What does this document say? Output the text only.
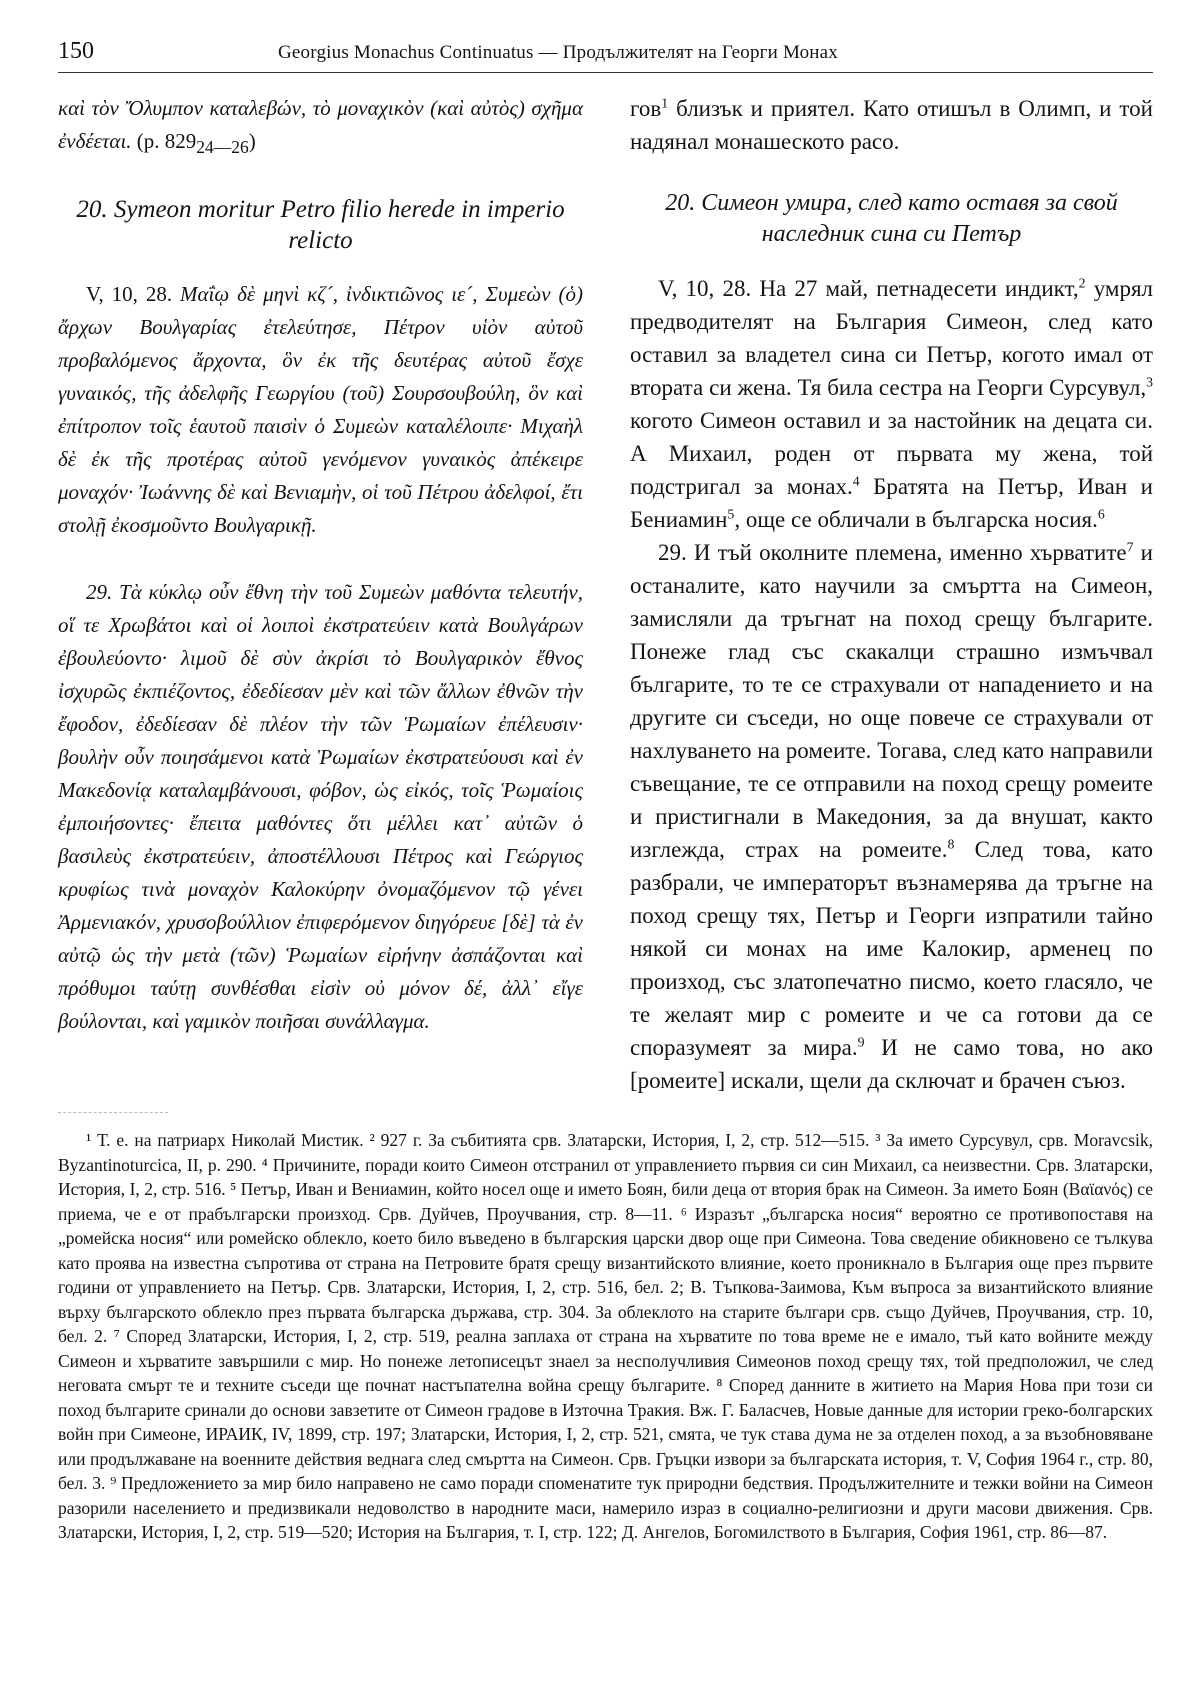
150	Georgius Monachus Continuatus — Продължителят на Георги Монах

καὶ τὸν Ὄλυμπον καταλεβών, τὸ μοναχικὸν (καὶ αὐτὸς) σχῆμα ἐνδέεται. (p. $829_{24—26}$)

20. Symeon moritur Petro filio herede in imperio relicto

V, 10, 28. Μαΐῳ δὲ μηνὶ κζ´, ἰνδικτιῶνος ιε´, Συμεὼν (ὁ) ἄρχων Βουλγαρίας ἐτελεύτησε, Πέτρον υἱὸν αὐτοῦ προβαλόμενος ἄρχοντα, ὃν ἐκ τῆς δευτέρας αὐτοῦ ἔσχε γυναικός, τῆς ἀδελφῆς Γεωργίου (τοῦ) Σουρσουβούλη, ὃν καὶ ἐπίτροπον τοῖς ἑαυτοῦ παισὶν ὁ Συμεὼν καταλέλοιπε· Μιχαὴλ δὲ ἐκ τῆς προτέρας αὐτοῦ γενόμενον γυναικὸς ἀπέκειρε μοναχόν· Ἰωάννης δὲ καὶ Βενιαμὴν, οἱ τοῦ Πέτρου ἀδελφοί, ἔτι στολῇ ἐκοσμοῦντο Βουλγαρικῇ.

29. Τὰ κύκλῳ οὖν ἔθνη τὴν τοῦ Συμεὼν μαθόντα τελευτήν, οἵ τε Χρωβάτοι καὶ οἱ λοιποὶ ἐκστρατεύειν κατὰ Βουλγάρων ἐβουλεύοντο· λιμοῦ δὲ σὺν ἀκρίσι τὸ Βουλγαρικὸν ἔθνος ἰσχυρῶς ἐκπιέζοντος, ἐδεδίεσαν μὲν καὶ τῶν ἄλλων ἐθνῶν τὴν ἔφοδον, ἐδεδίεσαν δὲ πλέον τὴν τῶν Ῥωμαίων ἐπέλευσιν· βουλὴν οὖν ποιησάμενοι κατὰ Ῥωμαίων ἐκστρατεύουσι καὶ ἐν Μακεδονίᾳ καταλαμβάνουσι, φόβον, ὡς εἰκός, τοῖς Ῥωμαίοις ἐμποιήσοντες· ἔπειτα μαθόντες ὅτι μέλλει κατ᾽ αὐτῶν ὁ βασιλεὺς ἐκστρατεύειν, ἀποστέλλουσι Πέτρος καὶ Γεώργιος κρυφίως τινὰ μοναχὸν Καλοκύρην ὀνομαζόμενον τῷ γένει Ἀρμενιακόν, χρυσοβούλλιον ἐπιφερόμενον διηγόρευε [δὲ] τὰ ἐν αὐτῷ ὡς τὴν μετὰ (τῶν) Ῥωμαίων εἰρήνην ἀσπάζονται καὶ πρόθυμοι ταύτῃ συνθέσθαι εἰσὶν οὐ μόνον δέ, ἀλλ᾽ εἴγε βούλονται, καὶ γαμικὸν ποιῆσαι συνάλλαγμα.

гов$^1$ близък и приятел. Като отишъл в Олимп, и той надянал монашеското расо.

20. Симеон умира, след като оставя за свой наследник сина си Петър

V, 10, 28. На 27 май, петнадесети индикт,$^2$ умрял предводителят на България Симеон, след като оставил за владетел сина си Петър, когото имал от втората си жена. Тя била сестра на Георги Сурсувул,$^3$ когото Симеон оставил и за настойник на децата си. А Михаил, роден от първата му жена, той подстригал за монах.$^4$ Братята на Петър, Иван и Бениамин$^5$, още се обличали в българска носия.$^6$

29. И тъй околните племена, именно хърватите$^7$ и останалите, като научили за смъртта на Симеон, замисляли да тръгнат на поход срещу българите. Понеже глад със скакалци страшно измъчвал българите, то те се страхували от нападението и на другите си съседи, но още повече се страхували от нахлуването на ромеите. Тогава, след като направили съвещание, те се отправили на поход срещу ромеите и пристигнали в Македония, за да внушат, както изглежда, страх на ромеите.$^8$ След това, като разбрали, че императорът възнамерява да тръгне на поход срещу тях, Петър и Георги изпратили тайно някой си монах на име Калокир, арменец по произход, със златопечатно писмо, което гласяло, че те желаят мир с ромеите и че са готови да се споразумеят за мира.$^9$ И не само това, но ако [ромеите] искали, щели да сключат и брачен съюз.

¹ Т. е. на патриарх Николай Мистик. ² 927 г. За събитията срв. Златарски, История, I, 2, стр. 512—515. ³ За името Сурсувул, срв. Moravcsik, Byzantinoturcica, II, p. 290. ⁴ Причините, поради които Симеон отстранил от управлението първия си син Михаил, са неизвестни. Срв. Златарски, История, I, 2, стр. 516. ⁵ Петър, Иван и Вениамин, който носел още и името Боян, били деца от втория брак на Симеон. За името Боян (Βαϊανός) се приема, че е от прабългарски произход. Срв. Дуйчев, Проучвания, стр. 8—11. ⁶ Изразът „българска носия“ вероятно се противопоставя на „ромейска носия“ или ромейско облекло, което било въведено в българския царски двор още при Симеона. Това сведение обикновено се тълкува като проява на известна съпротива от страна на Петровите братя срещу византийското влияние, което проникнало в България още през първите години от управлението на Петър. Срв. Златарски, История, I, 2, стр. 516, бел. 2; В. Тъпкова-Заимова, Към въпроса за византийското влияние върху българското облекло през първата българска държава, стр. 304. За облеклото на старите българи срв. също Дуйчев, Проучвания, стр. 10, бел. 2. ⁷ Според Златарски, История, I, 2, стр. 519, реална заплаха от страна на хърватите по това време не е имало, тъй като войните между Симеон и хърватите завършили с мир. Но понеже летописецът знаел за несполучливия Симеонов поход срещу тях, той предположил, че след неговата смърт те и техните съседи ще почнат настъпателна война срещу българите. ⁸ Според данните в житието на Мария Нова при този си поход българите сринали до основи завзетите от Симеон градове в Източна Тракия. Вж. Г. Баласчев, Новые данные для истории греко-болгарских войн при Симеоне, ИРАИК, IV, 1899, стр. 197; Златарски, История, I, 2, стр. 521, смята, че тук става дума не за отделен поход, а за възобновяване или продължаване на военните действия веднага след смъртта на Симеон. Срв. Гръцки извори за българската история, т. V, София 1964 г., стр. 80, бел. 3. ⁹ Предложението за мир било направено не само поради споменатите тук природни бедствия. Продължителните и тежки войни на Симеон разорили населението и предизвикали недоволство в народните маси, намерило израз в социално-религиозни и други масови движения. Срв. Златарски, История, I, 2, стр. 519—520; История на България, т. I, стр. 122; Д. Ангелов, Богомилството в България, София 1961, стр. 86—87.
